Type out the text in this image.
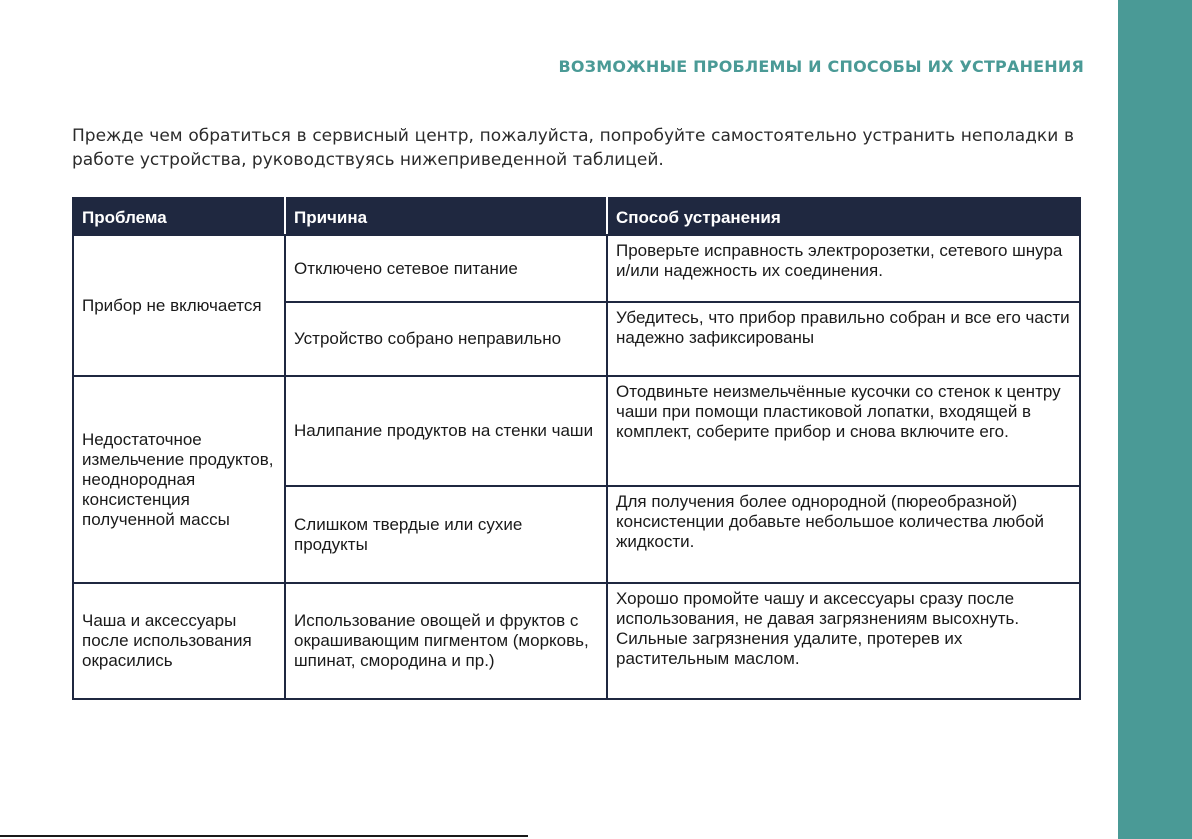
ВОЗМОЖНЫЕ ПРОБЛЕМЫ И СПОСОБЫ ИХ УСТРАНЕНИЯ

Прежде чем обратиться в сервисный центр, пожалуйста, попробуйте самостоятельно устранить неполадки в работе устройства, руководствуясь нижеприведенной таблицей.

Проблема	Причина	Способ устранения
Прибор не включается	Отключено сетевое питание	Проверьте исправность электророзетки, сетевого шнура и/или надежность их соединения.
	Устройство собрано неправильно	Убедитесь, что прибор правильно собран и все его части надежно зафиксированы
Недостаточное измельчение продуктов, неоднородная консистенция полученной массы	Налипание продуктов на стенки чаши	Отодвиньте неизмельчённые кусочки со стенок к центру чаши при помощи пластиковой лопатки, входящей в комплект, соберите прибор и снова включите его.
	Слишком твердые или сухие продукты	Для получения более однородной (пюреобразной) консистенции добавьте небольшое количества любой жидкости.
Чаша и аксессуары после использования окрасились	Использование овощей и фруктов с окрашивающим пигментом (морковь, шпинат, смородина и пр.)	Хорошо промойте чашу и аксессуары сразу после использования, не давая загрязнениям высохнуть. Сильные загрязнения удалите, протерев их растительным маслом.
